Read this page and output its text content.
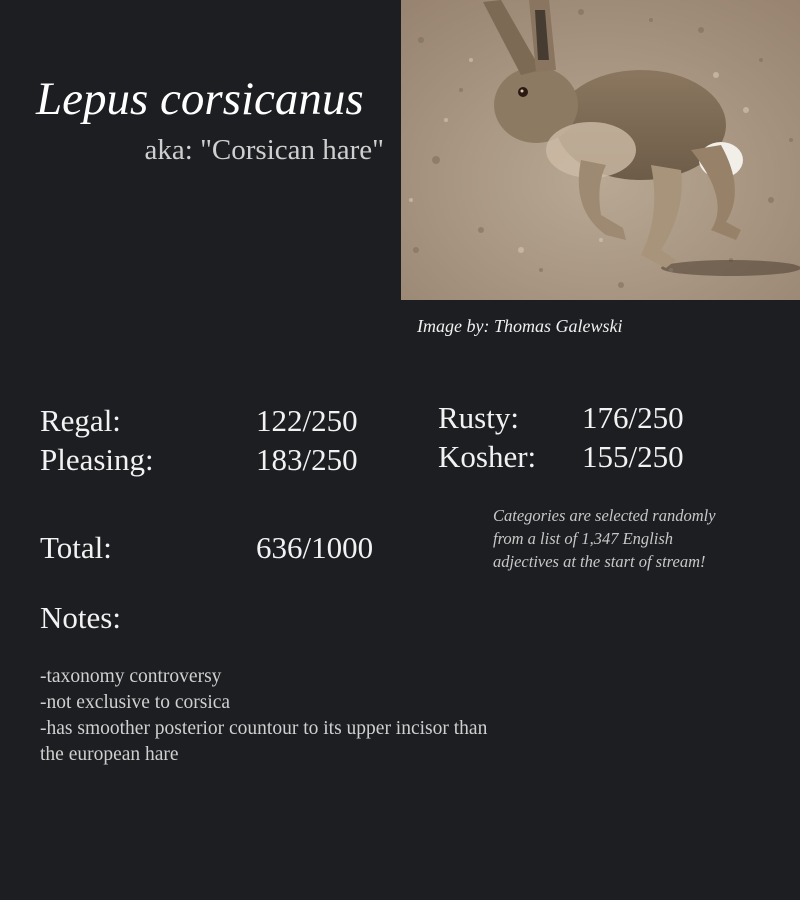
Lepus corsicanus
aka: "Corsican hare"
Image by: Thomas Galewski
Regal:	122/250
Pleasing:	183/250
Rusty: 176/250
Kosher: 155/250
Total:	636/1000
Categories are selected randomly from a list of 1,347 English adjectives at the start of stream!
Notes:
-taxonomy controversy
-not exclusive to corsica
-has smoother posterior countour to its upper incisor than the european hare
